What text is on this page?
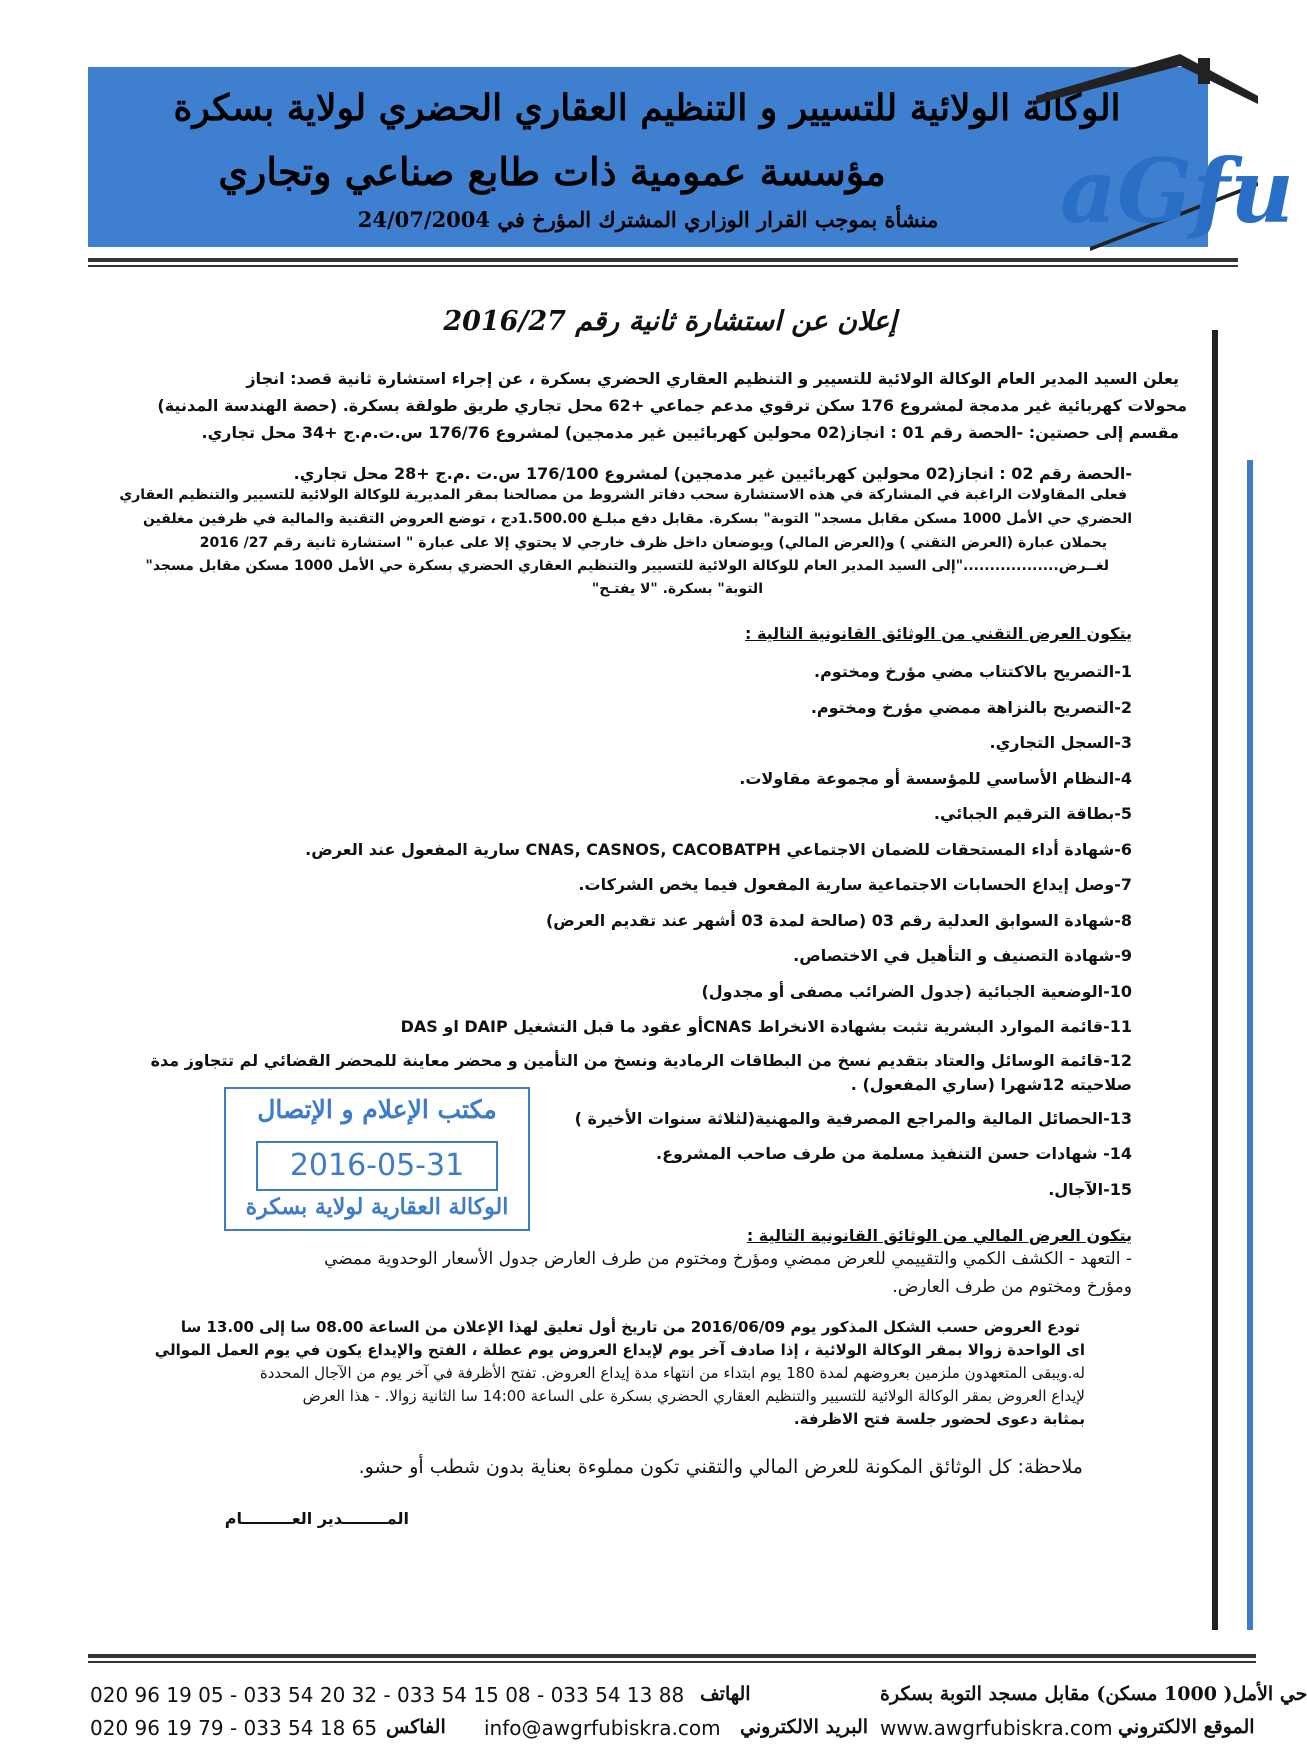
الوكالة الولائية للتسيير و التنظيم العقاري الحضري لولاية بسكرة
مؤسسة عمومية ذات طابع صناعي وتجاري
منشأة بموجب القرار الوزاري المشترك المؤرخ في 24/07/2004	aGfu
إعلان عن استشارة ثانية رقم 2016/27
يعلن السيد المدير العام الوكالة الولائية للتسيير و التنظيم العقاري الحضري بسكرة ، عن إجراء استشارة ثانية قصد: انجاز
محولات كهربائية غير مدمجة لمشروع 176 سكن ترقوي مدعم جماعي +62 محل تجاري طريق طولقة بسكرة. (حصة الهندسة المدنية)
مقسم إلى حصتين: -الحصة رقم 01 : انجاز(02 محولين كهربائيين غير مدمجين) لمشروع 176/76 س.ت.م.ج +34 محل تجاري.
-الحصة رقم 02 : انجاز(02 محولين كهربائيين غير مدمجين) لمشروع 176/100 س.ت .م.ج +28 محل تجاري.
فعلى المقاولات الراغبة في المشاركة في هذه الاستشارة سحب دفاتر الشروط من مصالحنا بمقر المديرية للوكالة الولائية للتسيير والتنظيم العقاري
الحضري حي الأمل 1000 مسكن مقابل مسجد" التوبة" بسكرة. مقابل دفع مبلـغ 1.500.00دج ، توضع العروض التقنية والمالية في ظرفين مغلقين
يحملان عبارة (العرض التقني ) و(العرض المالي) ويوضعان داخل ظرف خارجي لا يحتوي إلا على عبارة " استشارة ثانية رقم 27/ 2016
لغــرض.................."إلى السيد المدير العام للوكالة الولائية للتسيير والتنظيم العقاري الحضري بسكرة حي الأمل 1000 مسكن مقابل مسجد"
التوبة" بسكرة. "لا يفتـح"
يتكون العرض التقني من الوثائق القانونية التالية :
1-التصريح بالاكتتاب مضي مؤرخ ومختوم.
2-التصريح بالنزاهة ممضي مؤرخ ومختوم.
3-السجل التجاري.
4-النظام الأساسي للمؤسسة أو مجموعة مقاولات.
5-بطاقة الترقيم الجبائي.
6-شهادة أداء المستحقات للضمان الاجتماعي CNAS, CASNOS, CACOBATPH سارية المفعول عند العرض.
7-وصل إيداع الحسابات الاجتماعية سارية المفعول فيما يخص الشركات.
8-شهادة السوابق العدلية رقم 03 (صالحة لمدة 03 أشهر عند تقديم العرض)
9-شهادة التصنيف و التأهيل في الاختصاص.
10-الوضعية الجبائية (جدول الضرائب مصفى أو مجدول)
11-قائمة الموارد البشرية تثبت بشهادة الانخراط CNASأو عقود ما قبل التشغيل DAIP او DAS
12-قائمة الوسائل والعتاد بتقديم نسخ من البطاقات الرمادية ونسخ من التأمين و محضر معاينة للمحضر القضائي لم تتجاوز مدة صلاحيته 12شهرا (ساري المفعول) .
13-الحصائل المالية والمراجع المصرفية والمهنية(لثلاثة سنوات الأخيرة )
14- شهادات حسن التنفيذ مسلمة من طرف صاحب المشروع.
15-الآجال.
مكتب الإعلام و الإتصال
2016-05-31
الوكالة العقارية لولاية بسكرة
يتكون العرض المالي من الوثائق القانونية التالية :
- التعهد - الكشف الكمي والتقييمي للعرض ممضي ومؤرخ ومختوم من طرف العارض جدول الأسعار الوحدوية ممضي
ومؤرخ ومختوم من طرف العارض.
تودع العروض حسب الشكل المذكور يوم 2016/06/09 من تاريخ أول تعليق لهذا الإعلان من الساعة 08.00 سا إلى 13.00 سا
اى الواحدة زوالا بمقر الوكالة الولائية ، إذا صادف آخر يوم لإيداع العروض يوم عطلة ، الفتح والإيداع يكون في يوم العمل الموالي
له.ويبقى المتعهدون ملزمين بعروضهم لمدة 180 يوم ابتداء من انتهاء مدة إيداع العروض. تفتح الأظرفة في آخر يوم من الآجال المحددة
لإيداع العروض بمقر الوكالة الولائية للتسيير والتنظيم العقاري الحضري بسكرة على الساعة 14:00 سا الثانية زوالا. - هذا العرض
بمثابة دعوى لحضور جلسة فتح الاظرفة.
ملاحظة: كل الوثائق المكونة للعرض المالي والتقني تكون مملوءة بعناية بدون شطب أو حشو.
المــــــــدير العـــــــــام
020 96 19 05 - 033 54 20 32 - 033 54 15 08 - 033 54 13 88 الهاتف	حي الأمل( 1000 مسكن) مقابل مسجد التوبة بسكرة
020 96 19 79 - 033 54 18 65 الفاكس info@awgrfubiskra.com البريد الالكتروني www.awgrfubiskra.com الموقع الالكتروني
